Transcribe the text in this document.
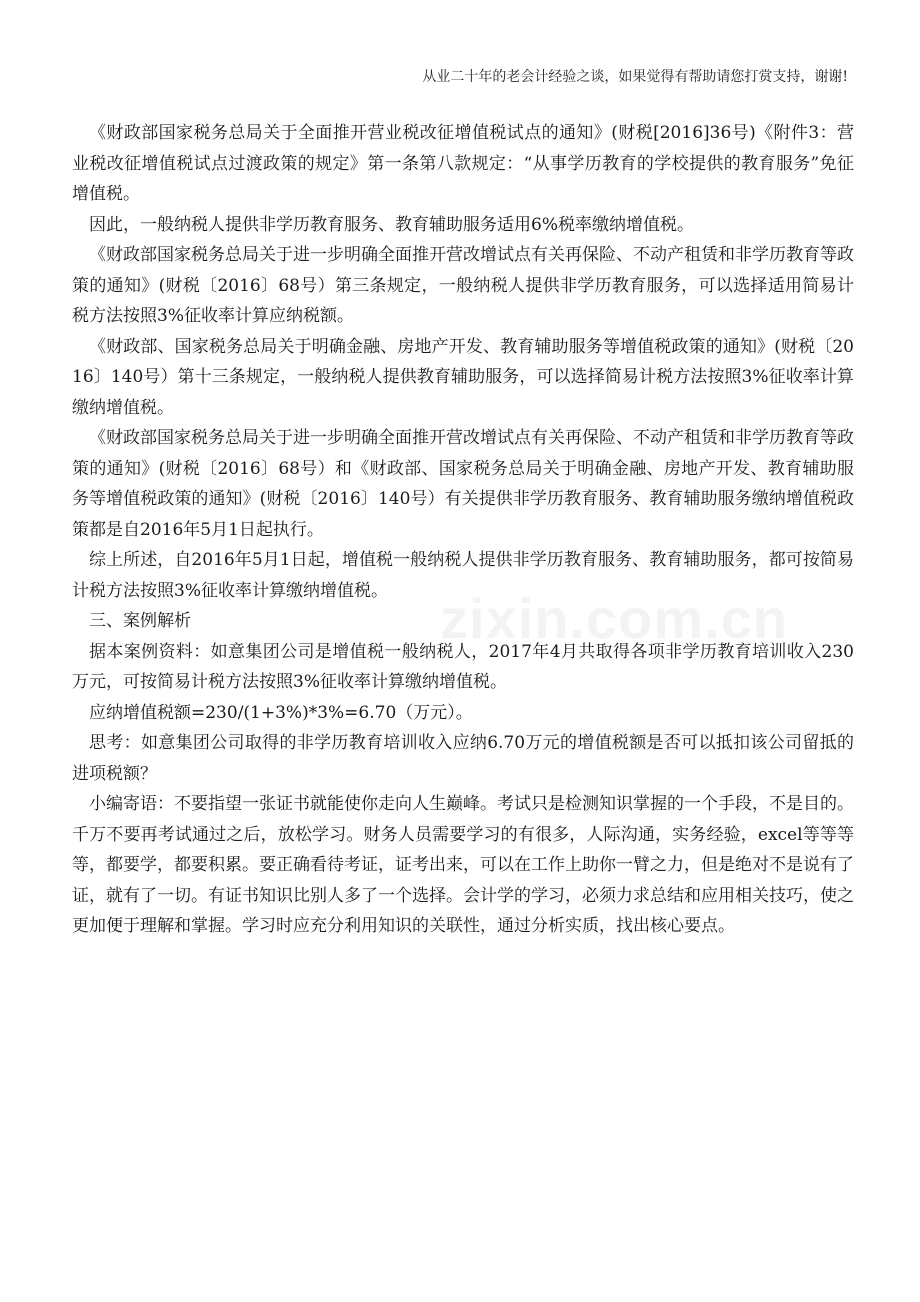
从业二十年的老会计经验之谈，如果觉得有帮助请您打赏支持，谢谢!

《财政部国家税务总局关于全面推开营业税改征增值税试点的通知》(财税[2016]36号)《附件3：营业税改征增值税试点过渡政策的规定》第一条第八款规定：“从事学历教育的学校提供的教育服务”免征增值税。

因此，一般纳税人提供非学历教育服务、教育辅助服务适用6%税率缴纳增值税。

《财政部国家税务总局关于进一步明确全面推开营改增试点有关再保险、不动产租赁和非学历教育等政策的通知》(财税〔2016〕68号）第三条规定，一般纳税人提供非学历教育服务，可以选择适用简易计税方法按照3%征收率计算应纳税额。

《财政部、国家税务总局关于明确金融、房地产开发、教育辅助服务等增值税政策的通知》(财税〔2016〕140号）第十三条规定，一般纳税人提供教育辅助服务，可以选择简易计税方法按照3%征收率计算缴纳增值税。

《财政部国家税务总局关于进一步明确全面推开营改增试点有关再保险、不动产租赁和非学历教育等政策的通知》(财税〔2016〕68号）和《财政部、国家税务总局关于明确金融、房地产开发、教育辅助服务等增值税政策的通知》(财税〔2016〕140号）有关提供非学历教育服务、教育辅助服务缴纳增值税政策都是自2016年5月1日起执行。

综上所述，自2016年5月1日起，增值税一般纳税人提供非学历教育服务、教育辅助服务，都可按简易计税方法按照3%征收率计算缴纳增值税。

三、案例解析

据本案例资料：如意集团公司是增值税一般纳税人，2017年4月共取得各项非学历教育培训收入230万元，可按简易计税方法按照3%征收率计算缴纳增值税。

应纳增值税额=230/(1+3%)*3%=6.70（万元）。

思考：如意集团公司取得的非学历教育培训收入应纳6.70万元的增值税额是否可以抵扣该公司留抵的进项税额？

小编寄语：不要指望一张证书就能使你走向人生巅峰。考试只是检测知识掌握的一个手段，不是目的。千万不要再考试通过之后，放松学习。财务人员需要学习的有很多，人际沟通，实务经验，excel等等等等，都要学，都要积累。要正确看待考证，证考出来，可以在工作上助你一臂之力，但是绝对不是说有了证，就有了一切。有证书知识比别人多了一个选择。会计学的学习，必须力求总结和应用相关技巧，使之更加便于理解和掌握。学习时应充分利用知识的关联性，通过分析实质，找出核心要点。
